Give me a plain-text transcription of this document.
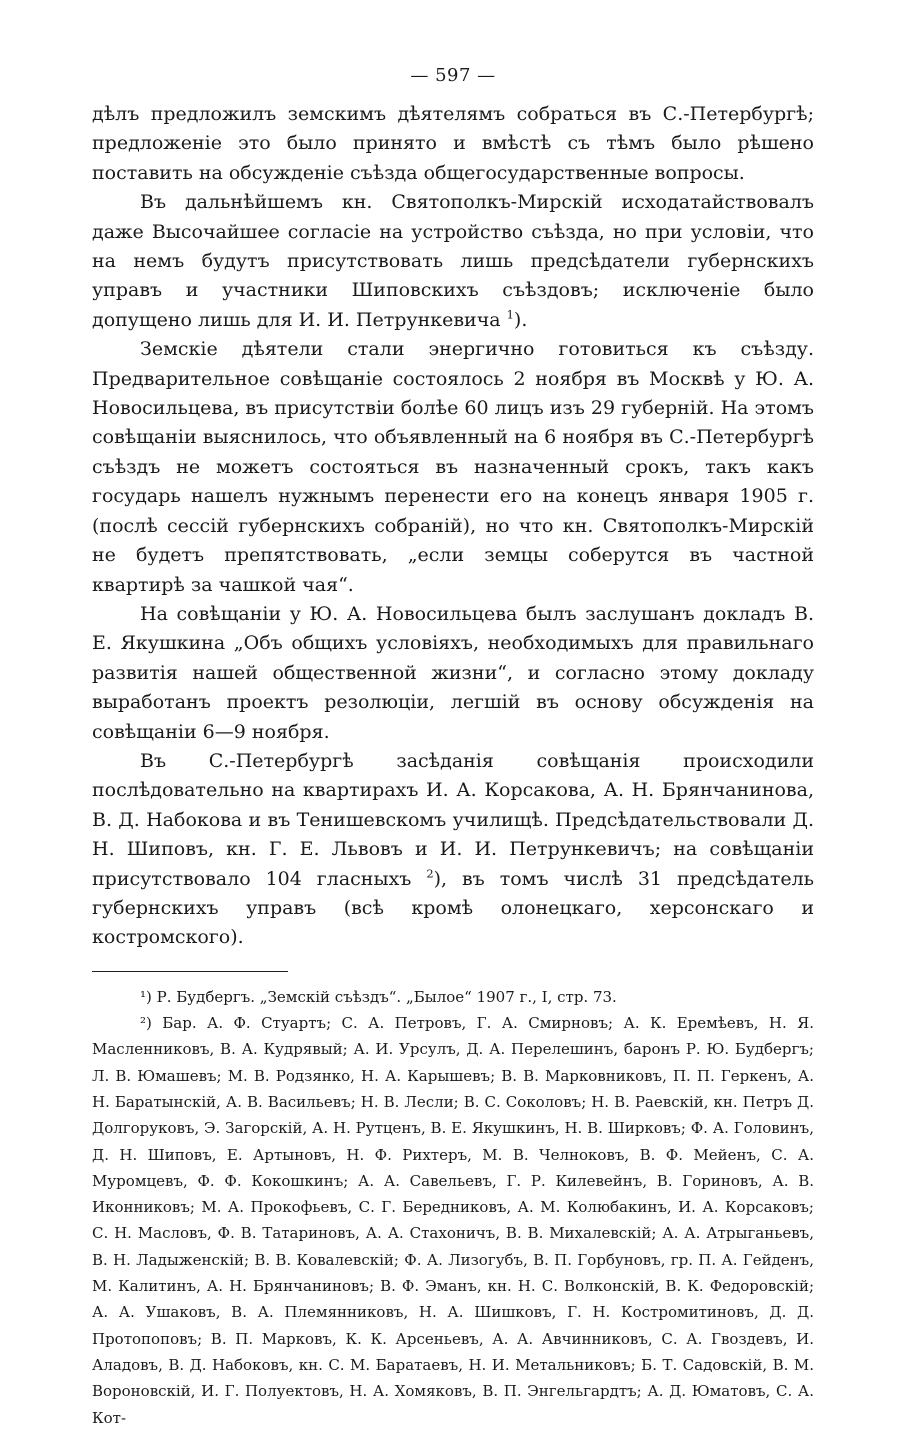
— 597 —

дѣлъ предложилъ земскимъ дѣятелямъ собраться въ С.-Петербургѣ; предложеніе это было принято и вмѣстѣ съ тѣмъ было рѣшено поставить на обсужденіе съѣзда общегосударственные вопросы.

Въ дальнѣйшемъ кн. Святополкъ-Мирскій исходатайствовалъ даже Высочайшее согласіе на устройство съѣзда, но при условіи, что на немъ будутъ присутствовать лишь предсѣдатели губернскихъ управъ и участники Шиповскихъ съѣздовъ; исключеніе было допущено лишь для И. И. Петрункевича $^1$).

Земскіе дѣятели стали энергично готовиться къ съѣзду. Предварительное совѣщаніе состоялось 2 ноября въ Москвѣ у Ю. А. Новосильцева, въ присутствіи болѣе 60 лицъ изъ 29 губерній. На этомъ совѣщаніи выяснилось, что объявленный на 6 ноября въ С.-Петербургѣ съѣздъ не можетъ состояться въ назначенный срокъ, такъ какъ государь нашелъ нужнымъ перенести его на конецъ января 1905 г. (послѣ сессій губернскихъ собраній), но что кн. Святополкъ-Мирскій не будетъ препятствовать, „если земцы соберутся въ частной квартирѣ за чашкой чая“.

На совѣщаніи у Ю. А. Новосильцева былъ заслушанъ докладъ В. Е. Якушкина „Объ общихъ условіяхъ, необходимыхъ для правильнаго развитія нашей общественной жизни“, и согласно этому докладу выработанъ проектъ резолюціи, легшій въ основу обсужденія на совѣщаніи 6—9 ноября.

Въ С.-Петербургѣ засѣданія совѣщанія происходили послѣдовательно на квартирахъ И. А. Корсакова, А. Н. Брянчанинова, В. Д. Набокова и въ Тенишевскомъ училищѣ. Предсѣдательствовали Д. Н. Шиповъ, кн. Г. Е. Львовъ и И. И. Петрункевичъ; на совѣщаніи присутствовало 104 гласныхъ $^2$), въ томъ числѣ 31 предсѣдатель губернскихъ управъ (всѣ кромѣ олонецкаго, херсонскаго и костромского).

¹) Р. Будбергъ. „Земскій съѣздъ“. „Былое“ 1907 г., I, стр. 73.

²) Бар. А. Ф. Стуартъ; С. А. Петровъ, Г. А. Смирновъ; А. К. Еремѣевъ, Н. Я. Масленниковъ, В. А. Кудрявый; А. И. Урсулъ, Д. А. Перелешинъ, баронъ Р. Ю. Будбергъ; Л. В. Юмашевъ; М. В. Родзянко, Н. А. Карышевъ; В. В. Марковниковъ, П. П. Геркенъ, А. Н. Баратынскій, А. В. Васильевъ; Н. В. Лесли; В. С. Соколовъ; Н. В. Раевскій, кн. Петръ Д. Долгоруковъ, Э. Загорскій, А. Н. Рутценъ, В. Е. Якушкинъ, Н. В. Ширковъ; Ф. А. Головинъ, Д. Н. Шиповъ, Е. Артыновъ, Н. Ф. Рихтеръ, М. В. Челноковъ, В. Ф. Мейенъ, С. А. Муромцевъ, Ф. Ф. Кокошкинъ; А. А. Савельевъ, Г. Р. Килевейнъ, В. Гориновъ, А. В. Иконниковъ; М. А. Прокофьевъ, С. Г. Бередниковъ, А. М. Колюбакинъ, И. А. Корсаковъ; С. Н. Масловъ, Ф. В. Татариновъ, А. А. Стахоничъ, В. В. Михалевскій; А. А. Атрыганьевъ, В. Н. Ладыженскій; В. В. Ковалевскій; Ф. А. Лизогубъ, В. П. Горбуновъ, гр. П. А. Гейденъ, М. Калитинъ, А. Н. Брянчаниновъ; В. Ф. Эманъ, кн. Н. С. Волконскій, В. К. Федоровскій; А. А. Ушаковъ, В. А. Племянниковъ, Н. А. Шишковъ, Г. Н. Костромитиновъ, Д. Д. Протопоповъ; В. П. Марковъ, К. К. Арсеньевъ, А. А. Авчинниковъ, С. А. Гвоздевъ, И. Аладовъ, В. Д. Набоковъ, кн. С. М. Баратаевъ, Н. И. Метальниковъ; Б. Т. Садовскій, В. М. Вороновскій, И. Г. Полуектовъ, Н. А. Хомяковъ, В. П. Энгельгардтъ; А. Д. Юматовъ, С. А. Кот-
